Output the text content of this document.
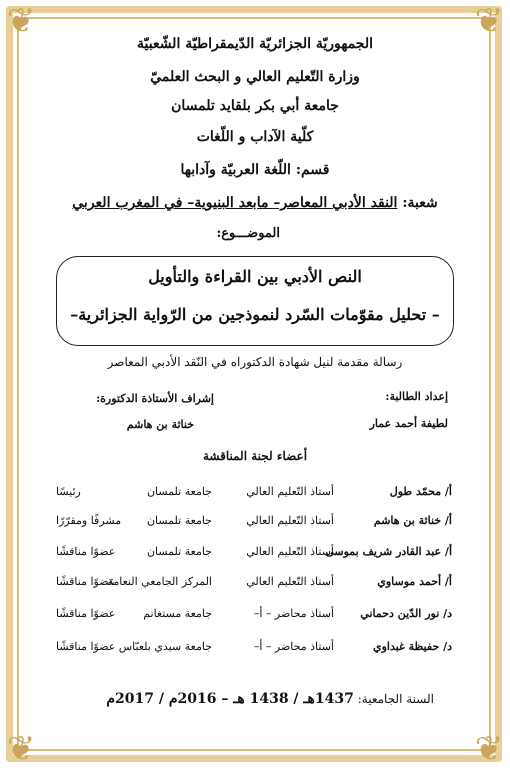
❦	❦
❦	❦
الجمهوريّة الجزائريّة الدّيمقراطيّة الشّعبيّة
وزارة التّعليم العالي و البحث العلميّ
جامعة أبي بكر بلقايد تلمسان
كلّية الآداب و اللّغات
قسم: اللّغة العربيّة وآدابها
شعبة: النقد الأدبي المعاصر– مابعد البنيوية– في المغرب العربي
الموضـــوع:
النص الأدبي بين القراءة والتأويل
– تحليل مقوّمات السّرد لنموذجين من الرّواية الجزائرية–
رسالة مقدمة لنيل شهادة الدكتوراه في النّقد الأدبي المعاصر
إعداد الطالبة:
لطيفة أحمد عمار
إشراف الأستاذة الدكتورة:
خناثة بن هاشم
أعضاء لجنة المناقشة
أ/ محمّد طول
أستاذ التّعليم العالي
جامعة تلمسان
رئيسًا
أ/ خناثة بن هاشم
أستاذ التّعليم العالي
جامعة تلمسان
مشرفًا ومقرّرًا
أ/ عبد القادر شريف بموسى
أستاذ التّعليم العالي
جامعة تلمسان
عضوًا مناقشًا
أ/ أحمد موساوي
أستاذ التّعليم العالي
المركز الجامعي النعامة
عضوًا مناقشًا
د/ نور الدّين دحماني
أستاذ محاضر – أ–
جامعة مستغانم
عضوًا مناقشًا
د/ حفيظة غبداوي
أستاذ محاضر – أ–
جامعة سيدي بلعبّاس
عضوًا مناقشًا
السنة الجامعية: 1437هـ / 1438 هـ – 2016م / 2017م
